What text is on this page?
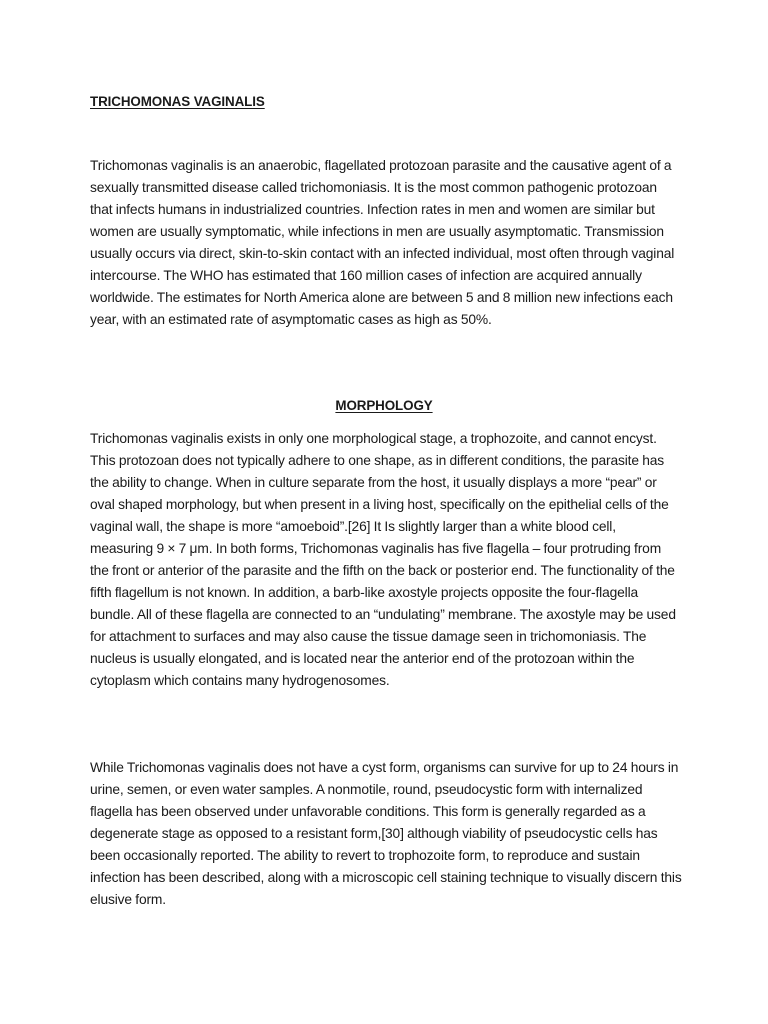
TRICHOMONAS VAGINALIS

Trichomonas vaginalis is an anaerobic, flagellated protozoan parasite and the causative agent of a sexually transmitted disease called trichomoniasis. It is the most common pathogenic protozoan that infects humans in industrialized countries. Infection rates in men and women are similar but women are usually symptomatic, while infections in men are usually asymptomatic. Transmission usually occurs via direct, skin-to-skin contact with an infected individual, most often through vaginal intercourse. The WHO has estimated that 160 million cases of infection are acquired annually worldwide. The estimates for North America alone are between 5 and 8 million new infections each year, with an estimated rate of asymptomatic cases as high as 50%.

MORPHOLOGY

Trichomonas vaginalis exists in only one morphological stage, a trophozoite, and cannot encyst. This protozoan does not typically adhere to one shape, as in different conditions, the parasite has the ability to change. When in culture separate from the host, it usually displays a more “pear” or oval shaped morphology, but when present in a living host, specifically on the epithelial cells of the vaginal wall, the shape is more “amoeboid”.[26] It Is slightly larger than a white blood cell, measuring 9 × 7 μm. In both forms, Trichomonas vaginalis has five flagella – four protruding from the front or anterior of the parasite and the fifth on the back or posterior end. The functionality of the fifth flagellum is not known. In addition, a barb-like axostyle projects opposite the four-flagella bundle. All of these flagella are connected to an “undulating” membrane. The axostyle may be used for attachment to surfaces and may also cause the tissue damage seen in trichomoniasis. The nucleus is usually elongated, and is located near the anterior end of the protozoan within the cytoplasm which contains many hydrogenosomes.

While Trichomonas vaginalis does not have a cyst form, organisms can survive for up to 24 hours in urine, semen, or even water samples. A nonmotile, round, pseudocystic form with internalized flagella has been observed under unfavorable conditions. This form is generally regarded as a degenerate stage as opposed to a resistant form,[30] although viability of pseudocystic cells has been occasionally reported. The ability to revert to trophozoite form, to reproduce and sustain infection has been described, along with a microscopic cell staining technique to visually discern this elusive form.
